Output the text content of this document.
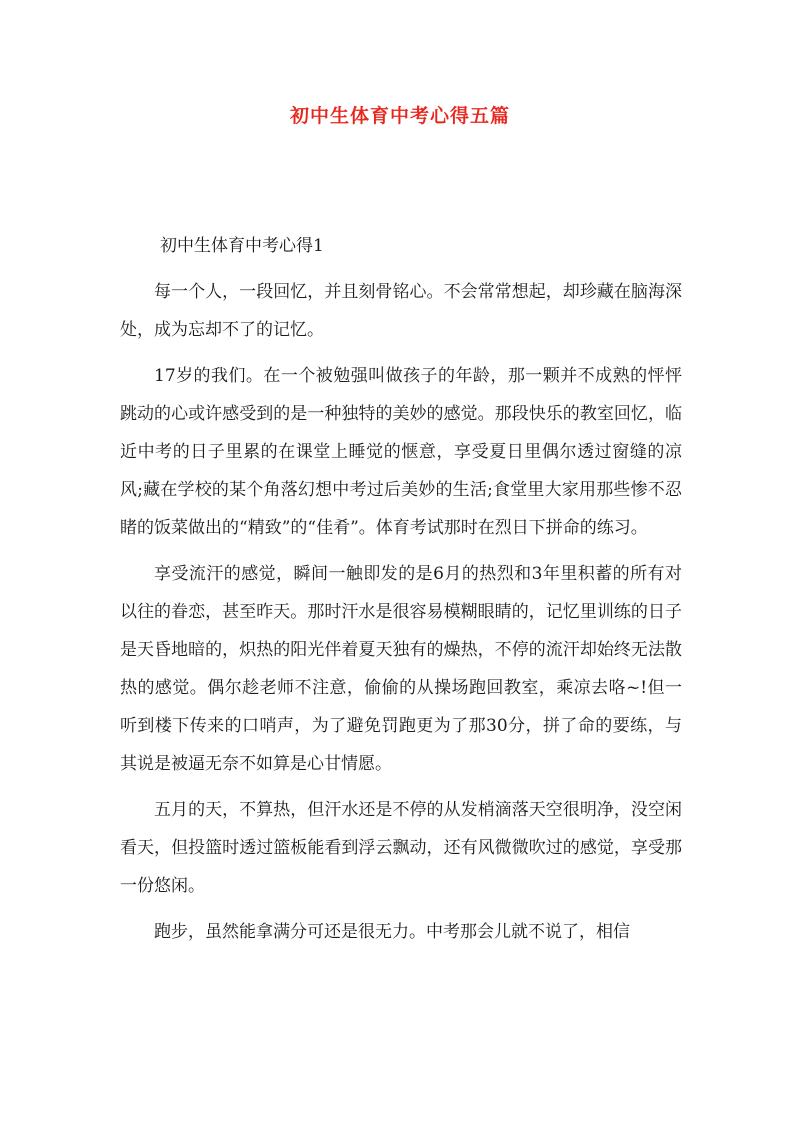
初中生体育中考心得五篇

初中生体育中考心得1

每一个人，一段回忆，并且刻骨铭心。不会常常想起，却珍藏在脑海深处，成为忘却不了的记忆。

17岁的我们。在一个被勉强叫做孩子的年龄，那一颗并不成熟的怦怦跳动的心或许感受到的是一种独特的美妙的感觉。那段快乐的教室回忆，临近中考的日子里累的在课堂上睡觉的惬意，享受夏日里偶尔透过窗缝的凉风;藏在学校的某个角落幻想中考过后美妙的生活;食堂里大家用那些惨不忍睹的饭菜做出的“精致”的“佳肴”。体育考试那时在烈日下拼命的练习。

享受流汗的感觉，瞬间一触即发的是6月的热烈和3年里积蓄的所有对以往的眷恋，甚至昨天。那时汗水是很容易模糊眼睛的，记忆里训练的日子是天昏地暗的，炽热的阳光伴着夏天独有的燥热，不停的流汗却始终无法散热的感觉。偶尔趁老师不注意，偷偷的从操场跑回教室，乘凉去咯~!但一听到楼下传来的口哨声，为了避免罚跑更为了那30分，拼了命的要练，与其说是被逼无奈不如算是心甘情愿。

五月的天，不算热，但汗水还是不停的从发梢滴落天空很明净，没空闲看天，但投篮时透过篮板能看到浮云飘动，还有风微微吹过的感觉，享受那一份悠闲。

跑步，虽然能拿满分可还是很无力。中考那会儿就不说了，相信
